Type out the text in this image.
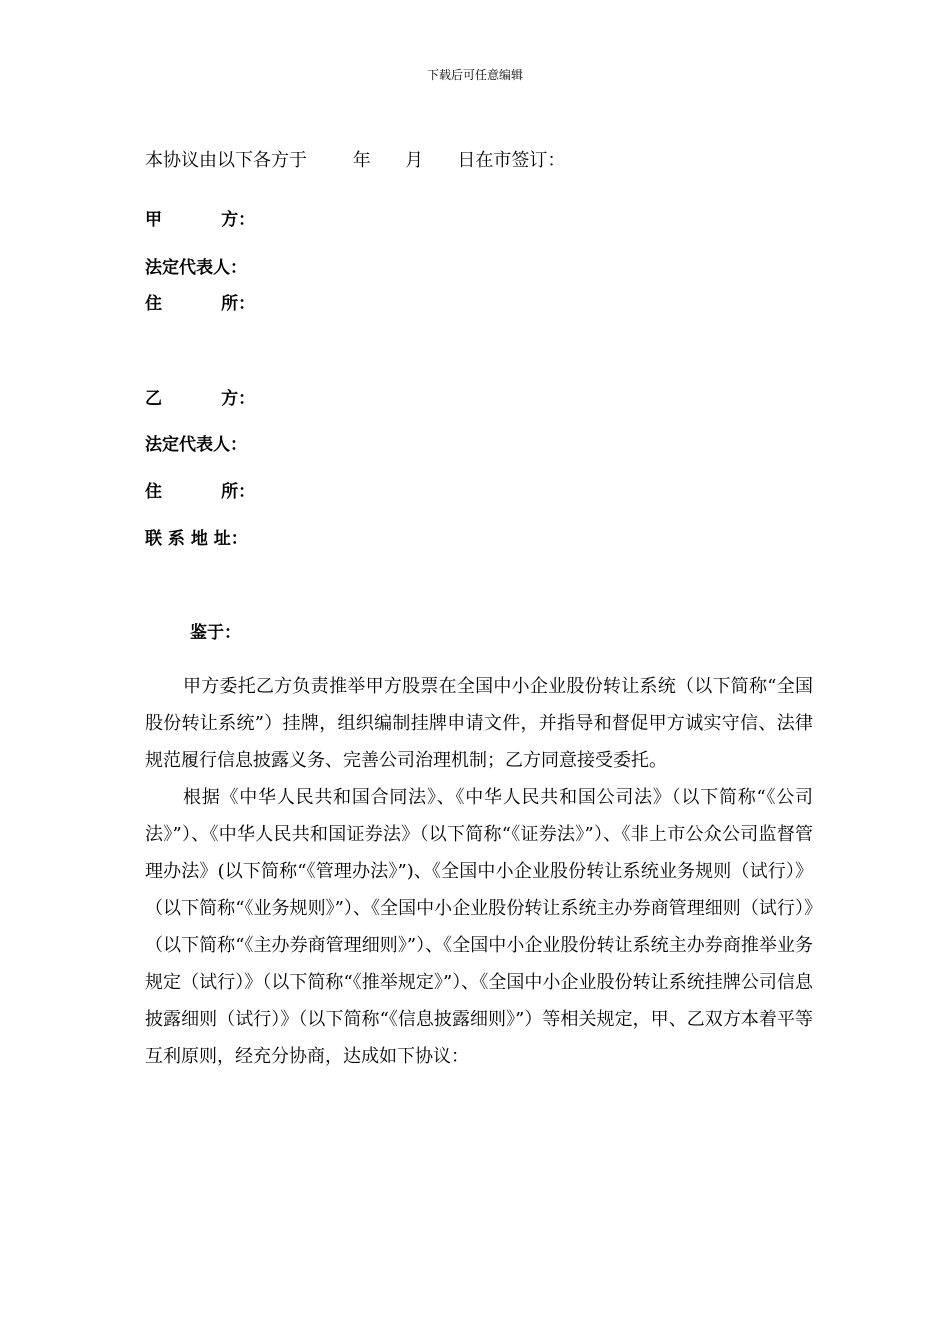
下载后可任意编辑
本协议由以下各方于        年      月      日在市签订：
甲          方：
法定代表人：
住          所：
乙          方：
法定代表人：
住          所：
联 系 地 址：
鉴于：
甲方委托乙方负责推举甲方股票在全国中小企业股份转让系统（以下简称“全国股份转让系统”）挂牌，组织编制挂牌申请文件，并指导和督促甲方诚实守信、法律规范履行信息披露义务、完善公司治理机制；乙方同意接受委托。
根据《中华人民共和国合同法》、《中华人民共和国公司法》（以下简称“《公司法》”）、《中华人民共和国证券法》（以下简称“《证券法》”）、《非上市公众公司监督管理办法》(以下简称“《管理办法》”)、《全国中小企业股份转让系统业务规则（试行）》（以下简称“《业务规则》”）、《全国中小企业股份转让系统主办券商管理细则（试行）》（以下简称“《主办券商管理细则》”）、《全国中小企业股份转让系统主办券商推举业务规定（试行）》（以下简称“《推举规定》”）、《全国中小企业股份转让系统挂牌公司信息披露细则（试行）》（以下简称“《信息披露细则》”）等相关规定，甲、乙双方本着平等互利原则，经充分协商，达成如下协议：
